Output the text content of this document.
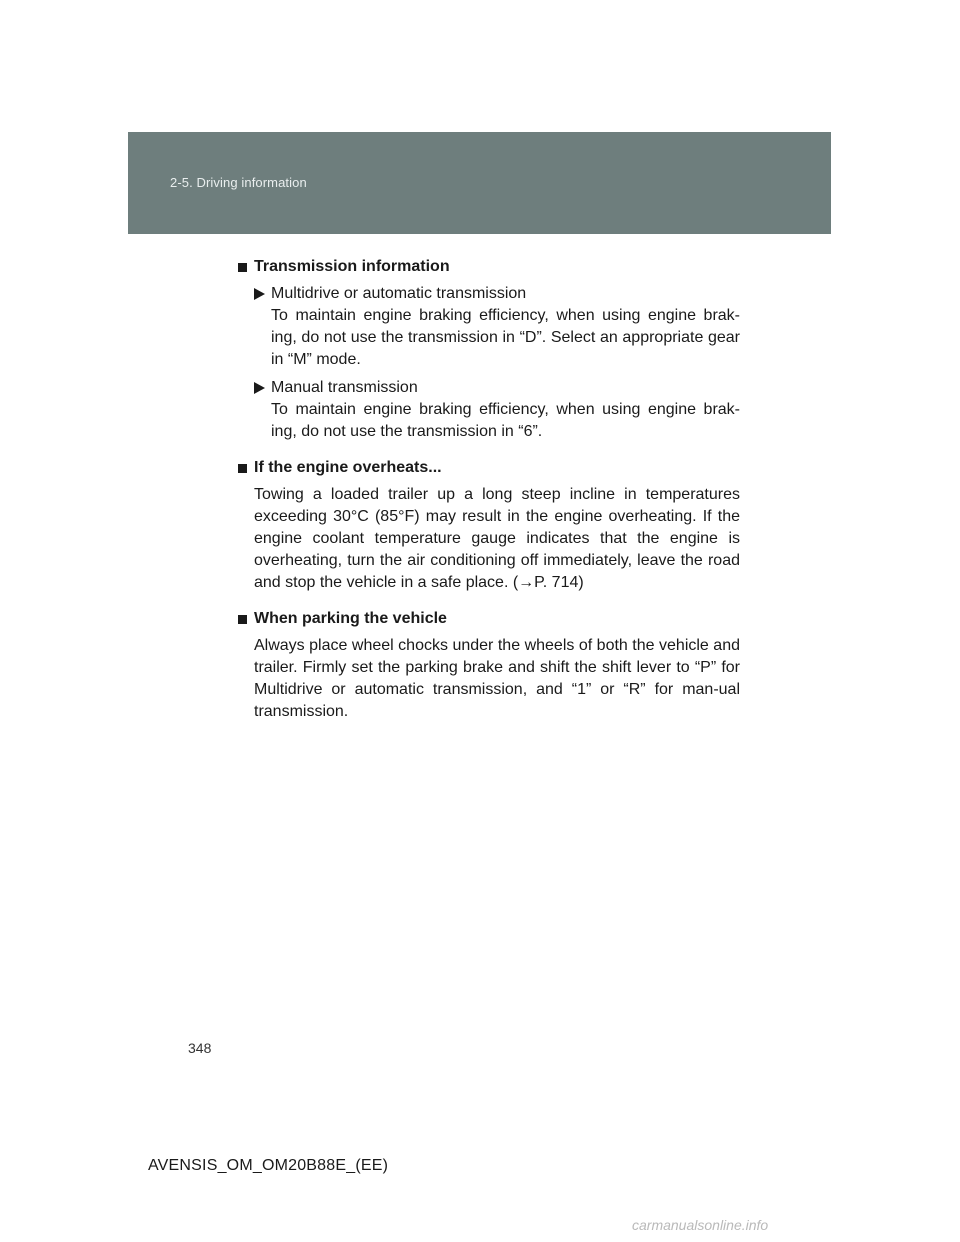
2-5. Driving information
Transmission information
Multidrive or automatic transmission
To maintain engine braking efficiency, when using engine brak-ing, do not use the transmission in “D”. Select an appropriate gear in “M” mode.
Manual transmission
To maintain engine braking efficiency, when using engine brak-ing, do not use the transmission in “6”.
If the engine overheats...
Towing a loaded trailer up a long steep incline in temperatures exceeding 30°C (85°F) may result in the engine overheating. If the engine coolant temperature gauge indicates that the engine is overheating, turn the air conditioning off immediately, leave the road and stop the vehicle in a safe place. (→P. 714)
When parking the vehicle
Always place wheel chocks under the wheels of both the vehicle and trailer. Firmly set the parking brake and shift the shift lever to “P” for Multidrive or automatic transmission, and “1” or “R” for man-ual transmission.
348
AVENSIS_OM_OM20B88E_(EE)
carmanualsonline.info
